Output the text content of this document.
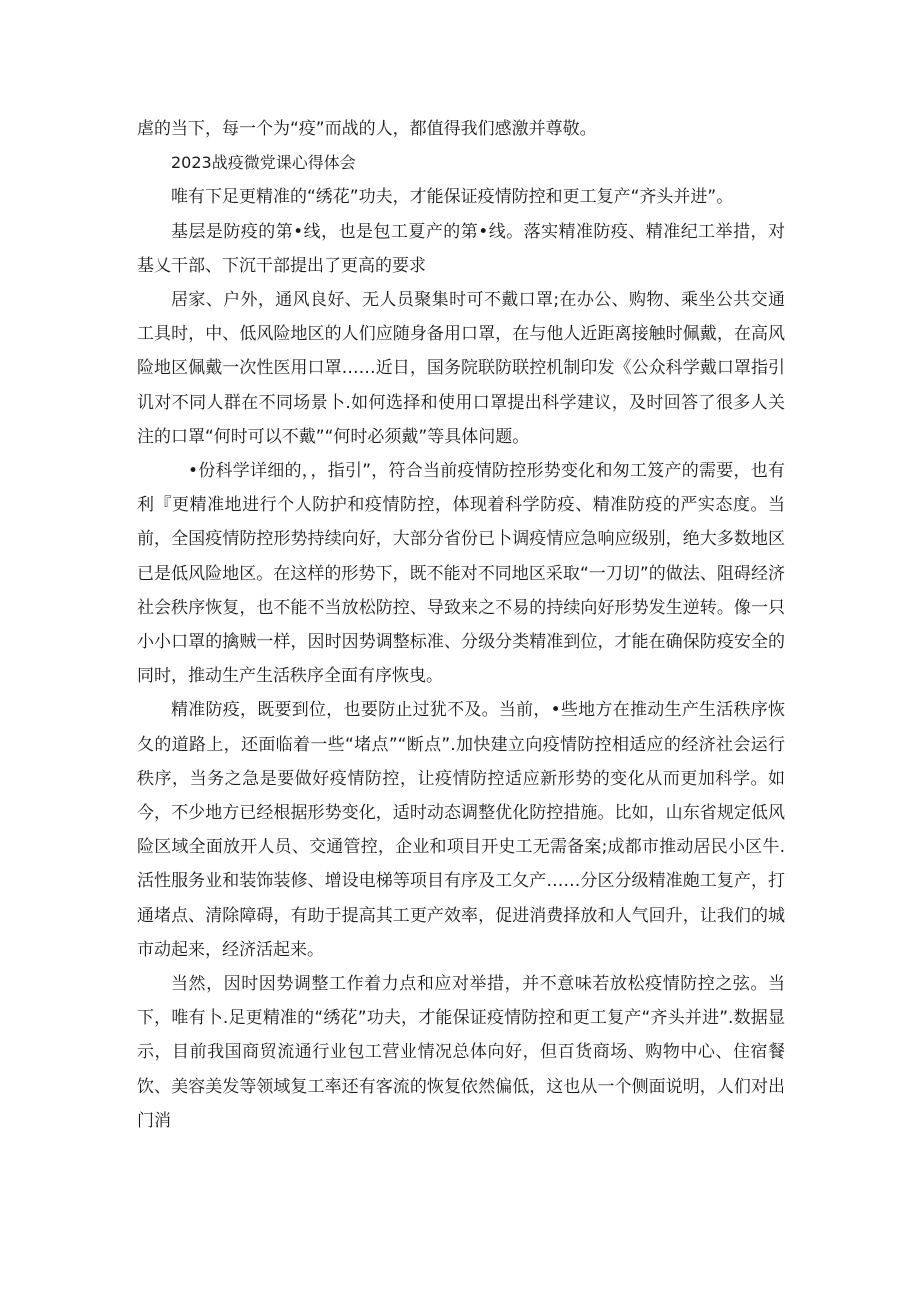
虐的当下，每一个为“疫”而战的人，都值得我们感激并尊敬。

2023战疫微党课心得体会

唯有下足更精准的“绣花”功夫，才能保证疫情防控和更工复产“齐头并进”。

基层是防疫的第•线，也是包工夏产的第•线。落实精准防疫、精准纪工举措，对基乂干部、下沉干部提出了更高的要求

居家、户外，通风良好、无人员聚集时可不戴口罩;在办公、购物、乘坐公共交通工具时，中、低风险地区的人们应随身备用口罩，在与他人近距离接触时佩戴，在高风险地区佩戴一次性医用口罩……近日，国务院联防联控机制印发《公众科学戴口罩指引讥对不同人群在不同场景卜.如何选择和使用口罩提出科学建议，及时回答了很多人关注的口罩“何时可以不戴”“何时必须戴”等具体问题。

•份科学详细的，，指引”，符合当前疫情防控形势变化和匆工笈产的需要，也有利『更精准地进行个人防护和疫情防控，体现着科学防疫、精准防疫的严实态度。当前，全国疫情防控形势持续向好，大部分省份已卜调疫情应急响应级别，绝大多数地区已是低风险地区。在这样的形势下，既不能对不同地区采取“一刀切”的做法、阻碍经济社会秩序恢复，也不能不当放松防控、导致来之不易的持续向好形势发生逆转。像一只小小口罩的擒贼一样，因时因势调整标准、分级分类精准到位，才能在确保防疫安全的同时，推动生产生活秩序全面有序恢曳。

精准防疫，既要到位，也要防止过犹不及。当前，•些地方在推动生产生活秩序恢夂的道路上，还面临着一些“堵点”“断点”.加快建立向疫情防控相适应的经济社会运行秩序，当务之急是要做好疫情防控，让疫情防控适应新形势的变化从而更加科学。如今，不少地方已经根据形势变化，适时动态调整优化防控措施。比如，山东省规定低风险区域全面放开人员、交通管控，企业和项目开史工无需备案;成都市推动居民小区牛.活性服务业和装饰装修、增设电梯等项目有序及工夂产……分区分级精准皰工复产，打通堵点、清除障碍，有助于提高其工更产效率，促进消费择放和人气回升，让我们的城市动起来，经济活起来。

当然，因时因势调整工作着力点和应对举措，并不意味若放松疫情防控之弦。当下，唯有卜.足更精准的“绣花”功夫，才能保证疫情防控和更工复产“齐头并进”.数据显示，目前我国商贸流通行业包工营业情况总体向好，但百货商场、购物中心、住宿餐饮、美容美发等领域复工率还有客流的恢复依然偏低，这也从一个侧面说明，人们对出门消
